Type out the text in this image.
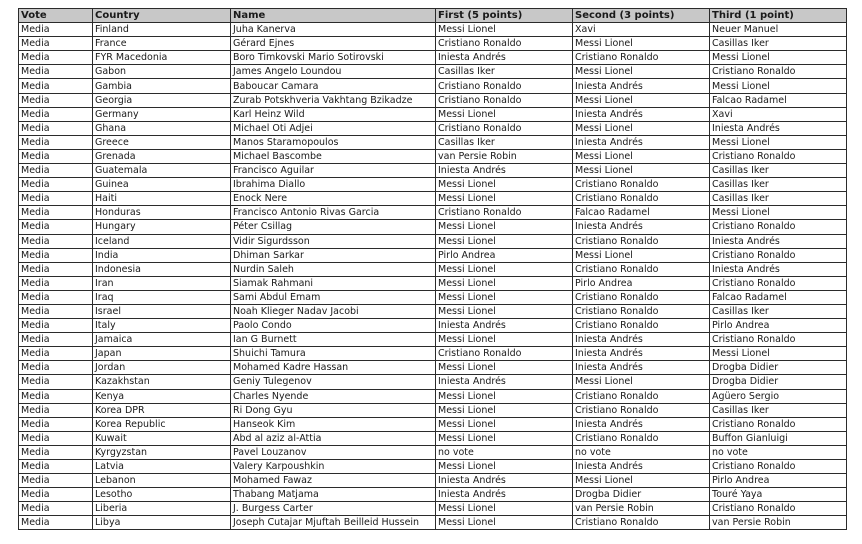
Vote	Country	Name	First (5 points)	Second (3 points)	Third (1 point)
Media	Finland	Juha Kanerva	Messi Lionel	Xavi	Neuer Manuel
Media	France	Gérard Ejnes	Cristiano Ronaldo	Messi Lionel	Casillas Iker
Media	FYR Macedonia	Boro Timkovski Mario Sotirovski	Iniesta Andrés	Cristiano Ronaldo	Messi Lionel
Media	Gabon	James Angelo Loundou	Casillas Iker	Messi Lionel	Cristiano Ronaldo
Media	Gambia	Baboucar Camara	Cristiano Ronaldo	Iniesta Andrés	Messi Lionel
Media	Georgia	Zurab Potskhveria Vakhtang Bzikadze	Cristiano Ronaldo	Messi Lionel	Falcao Radamel
Media	Germany	Karl Heinz Wild	Messi Lionel	Iniesta Andrés	Xavi
Media	Ghana	Michael Oti Adjei	Cristiano Ronaldo	Messi Lionel	Iniesta Andrés
Media	Greece	Manos Staramopoulos	Casillas Iker	Iniesta Andrés	Messi Lionel
Media	Grenada	Michael Bascombe	van Persie Robin	Messi Lionel	Cristiano Ronaldo
Media	Guatemala	Francisco Aguilar	Iniesta Andrés	Messi Lionel	Casillas Iker
Media	Guinea	Ibrahima Diallo	Messi Lionel	Cristiano Ronaldo	Casillas Iker
Media	Haiti	Enock Nere	Messi Lionel	Cristiano Ronaldo	Casillas Iker
Media	Honduras	Francisco Antonio Rivas Garcia	Cristiano Ronaldo	Falcao Radamel	Messi Lionel
Media	Hungary	Péter Csillag	Messi Lionel	Iniesta Andrés	Cristiano Ronaldo
Media	Iceland	Vidir Sigurdsson	Messi Lionel	Cristiano Ronaldo	Iniesta Andrés
Media	India	Dhiman Sarkar	Pirlo Andrea	Messi Lionel	Cristiano Ronaldo
Media	Indonesia	Nurdin Saleh	Messi Lionel	Cristiano Ronaldo	Iniesta Andrés
Media	Iran	Siamak Rahmani	Messi Lionel	Pirlo Andrea	Cristiano Ronaldo
Media	Iraq	Sami Abdul Emam	Messi Lionel	Cristiano Ronaldo	Falcao Radamel
Media	Israel	Noah Klieger Nadav Jacobi	Messi Lionel	Cristiano Ronaldo	Casillas Iker
Media	Italy	Paolo Condo	Iniesta Andrés	Cristiano Ronaldo	Pirlo Andrea
Media	Jamaica	Ian G Burnett	Messi Lionel	Iniesta Andrés	Cristiano Ronaldo
Media	Japan	Shuichi Tamura	Cristiano Ronaldo	Iniesta Andrés	Messi Lionel
Media	Jordan	Mohamed Kadre Hassan	Messi Lionel	Iniesta Andrés	Drogba Didier
Media	Kazakhstan	Geniy Tulegenov	Iniesta Andrés	Messi Lionel	Drogba Didier
Media	Kenya	Charles Nyende	Messi Lionel	Cristiano Ronaldo	Agüero Sergio
Media	Korea DPR	Ri Dong Gyu	Messi Lionel	Cristiano Ronaldo	Casillas Iker
Media	Korea Republic	Hanseok Kim	Messi Lionel	Iniesta Andrés	Cristiano Ronaldo
Media	Kuwait	Abd al aziz al-Attia	Messi Lionel	Cristiano Ronaldo	Buffon Gianluigi
Media	Kyrgyzstan	Pavel Louzanov	no vote	no vote	no vote
Media	Latvia	Valery Karpoushkin	Messi Lionel	Iniesta Andrés	Cristiano Ronaldo
Media	Lebanon	Mohamed Fawaz	Iniesta Andrés	Messi Lionel	Pirlo Andrea
Media	Lesotho	Thabang Matjama	Iniesta Andrés	Drogba Didier	Touré Yaya
Media	Liberia	J. Burgess Carter	Messi Lionel	van Persie Robin	Cristiano Ronaldo
Media	Libya	Joseph Cutajar Mjuftah Beilleid Hussein	Messi Lionel	Cristiano Ronaldo	van Persie Robin
